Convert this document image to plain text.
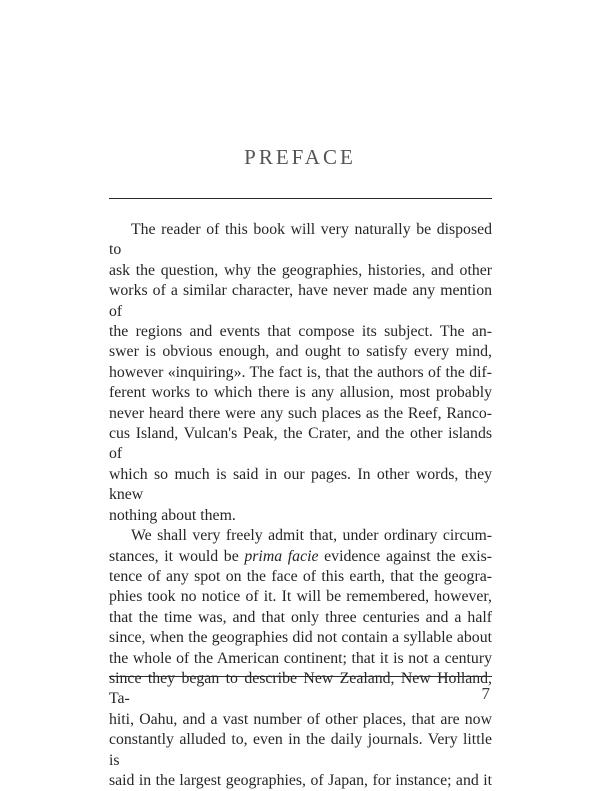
PREFACE

The reader of this book will very naturally be disposed to
ask the question, why the geographies, histories, and other
works of a similar character, have never made any mention of
the regions and events that compose its subject. The an-
swer is obvious enough, and ought to satisfy every mind,
however «inquiring». The fact is, that the authors of the dif-
ferent works to which there is any allusion, most probably
never heard there were any such places as the Reef, Ranco-
cus Island, Vulcan's Peak, the Crater, and the other islands of
which so much is said in our pages. In other words, they knew
nothing about them.

We shall very freely admit that, under ordinary circum-
stances, it would be prima facie evidence against the exis-
tence of any spot on the face of this earth, that the geogra-
phies took no notice of it. It will be remembered, however,
that the time was, and that only three centuries and a half
since, when the geographies did not contain a syllable about
the whole of the American continent; that it is not a century
since they began to describe New Zealand, New Holland, Ta-
hiti, Oahu, and a vast number of other places, that are now
constantly alluded to, even in the daily journals. Very little is
said in the largest geographies, of Japan, for instance; and it

7
